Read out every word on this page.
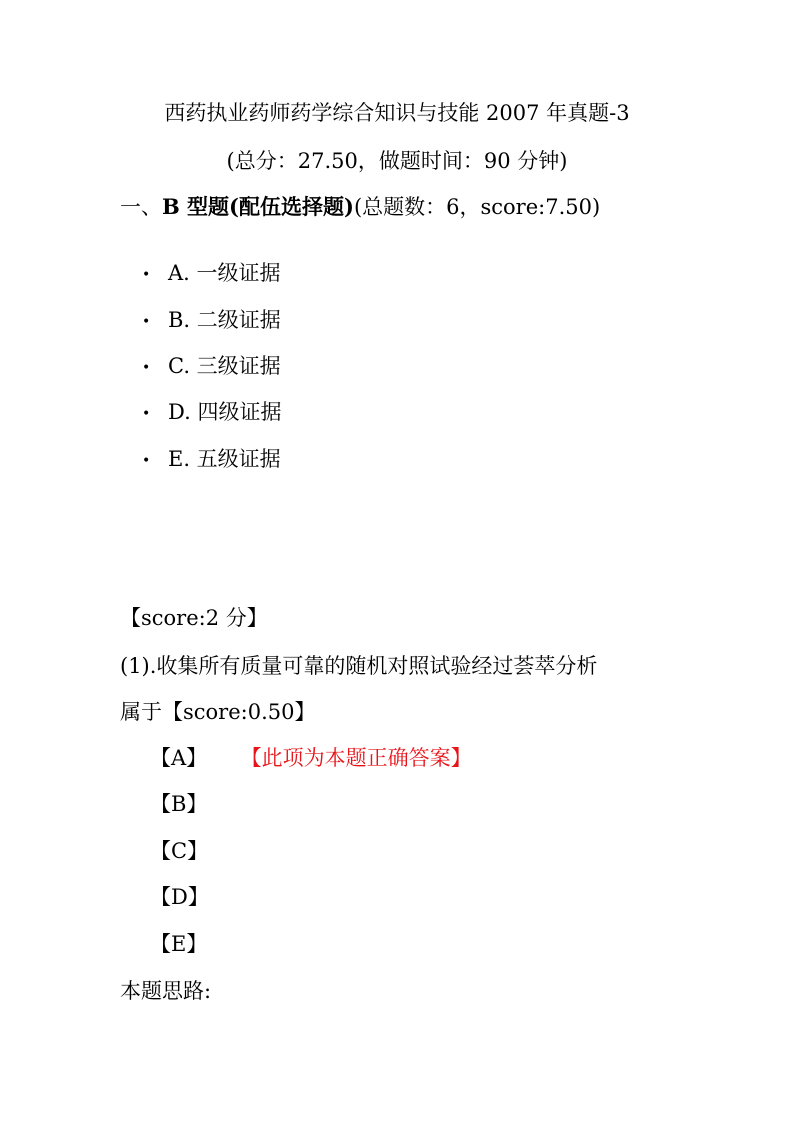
西药执业药师药学综合知识与技能 2007 年真题-3
(总分：27.50，做题时间：90 分钟)
一、B 型题(配伍选择题)(总题数：6，score:7.50)
• A. 一级证据
• B. 二级证据
• C. 三级证据
• D. 四级证据
• E. 五级证据
【score:2 分】
(1).收集所有质量可靠的随机对照试验经过荟萃分析
属于【score:0.50】
【A】 【此项为本题正确答案】
【B】
【C】
【D】
【E】
本题思路:
